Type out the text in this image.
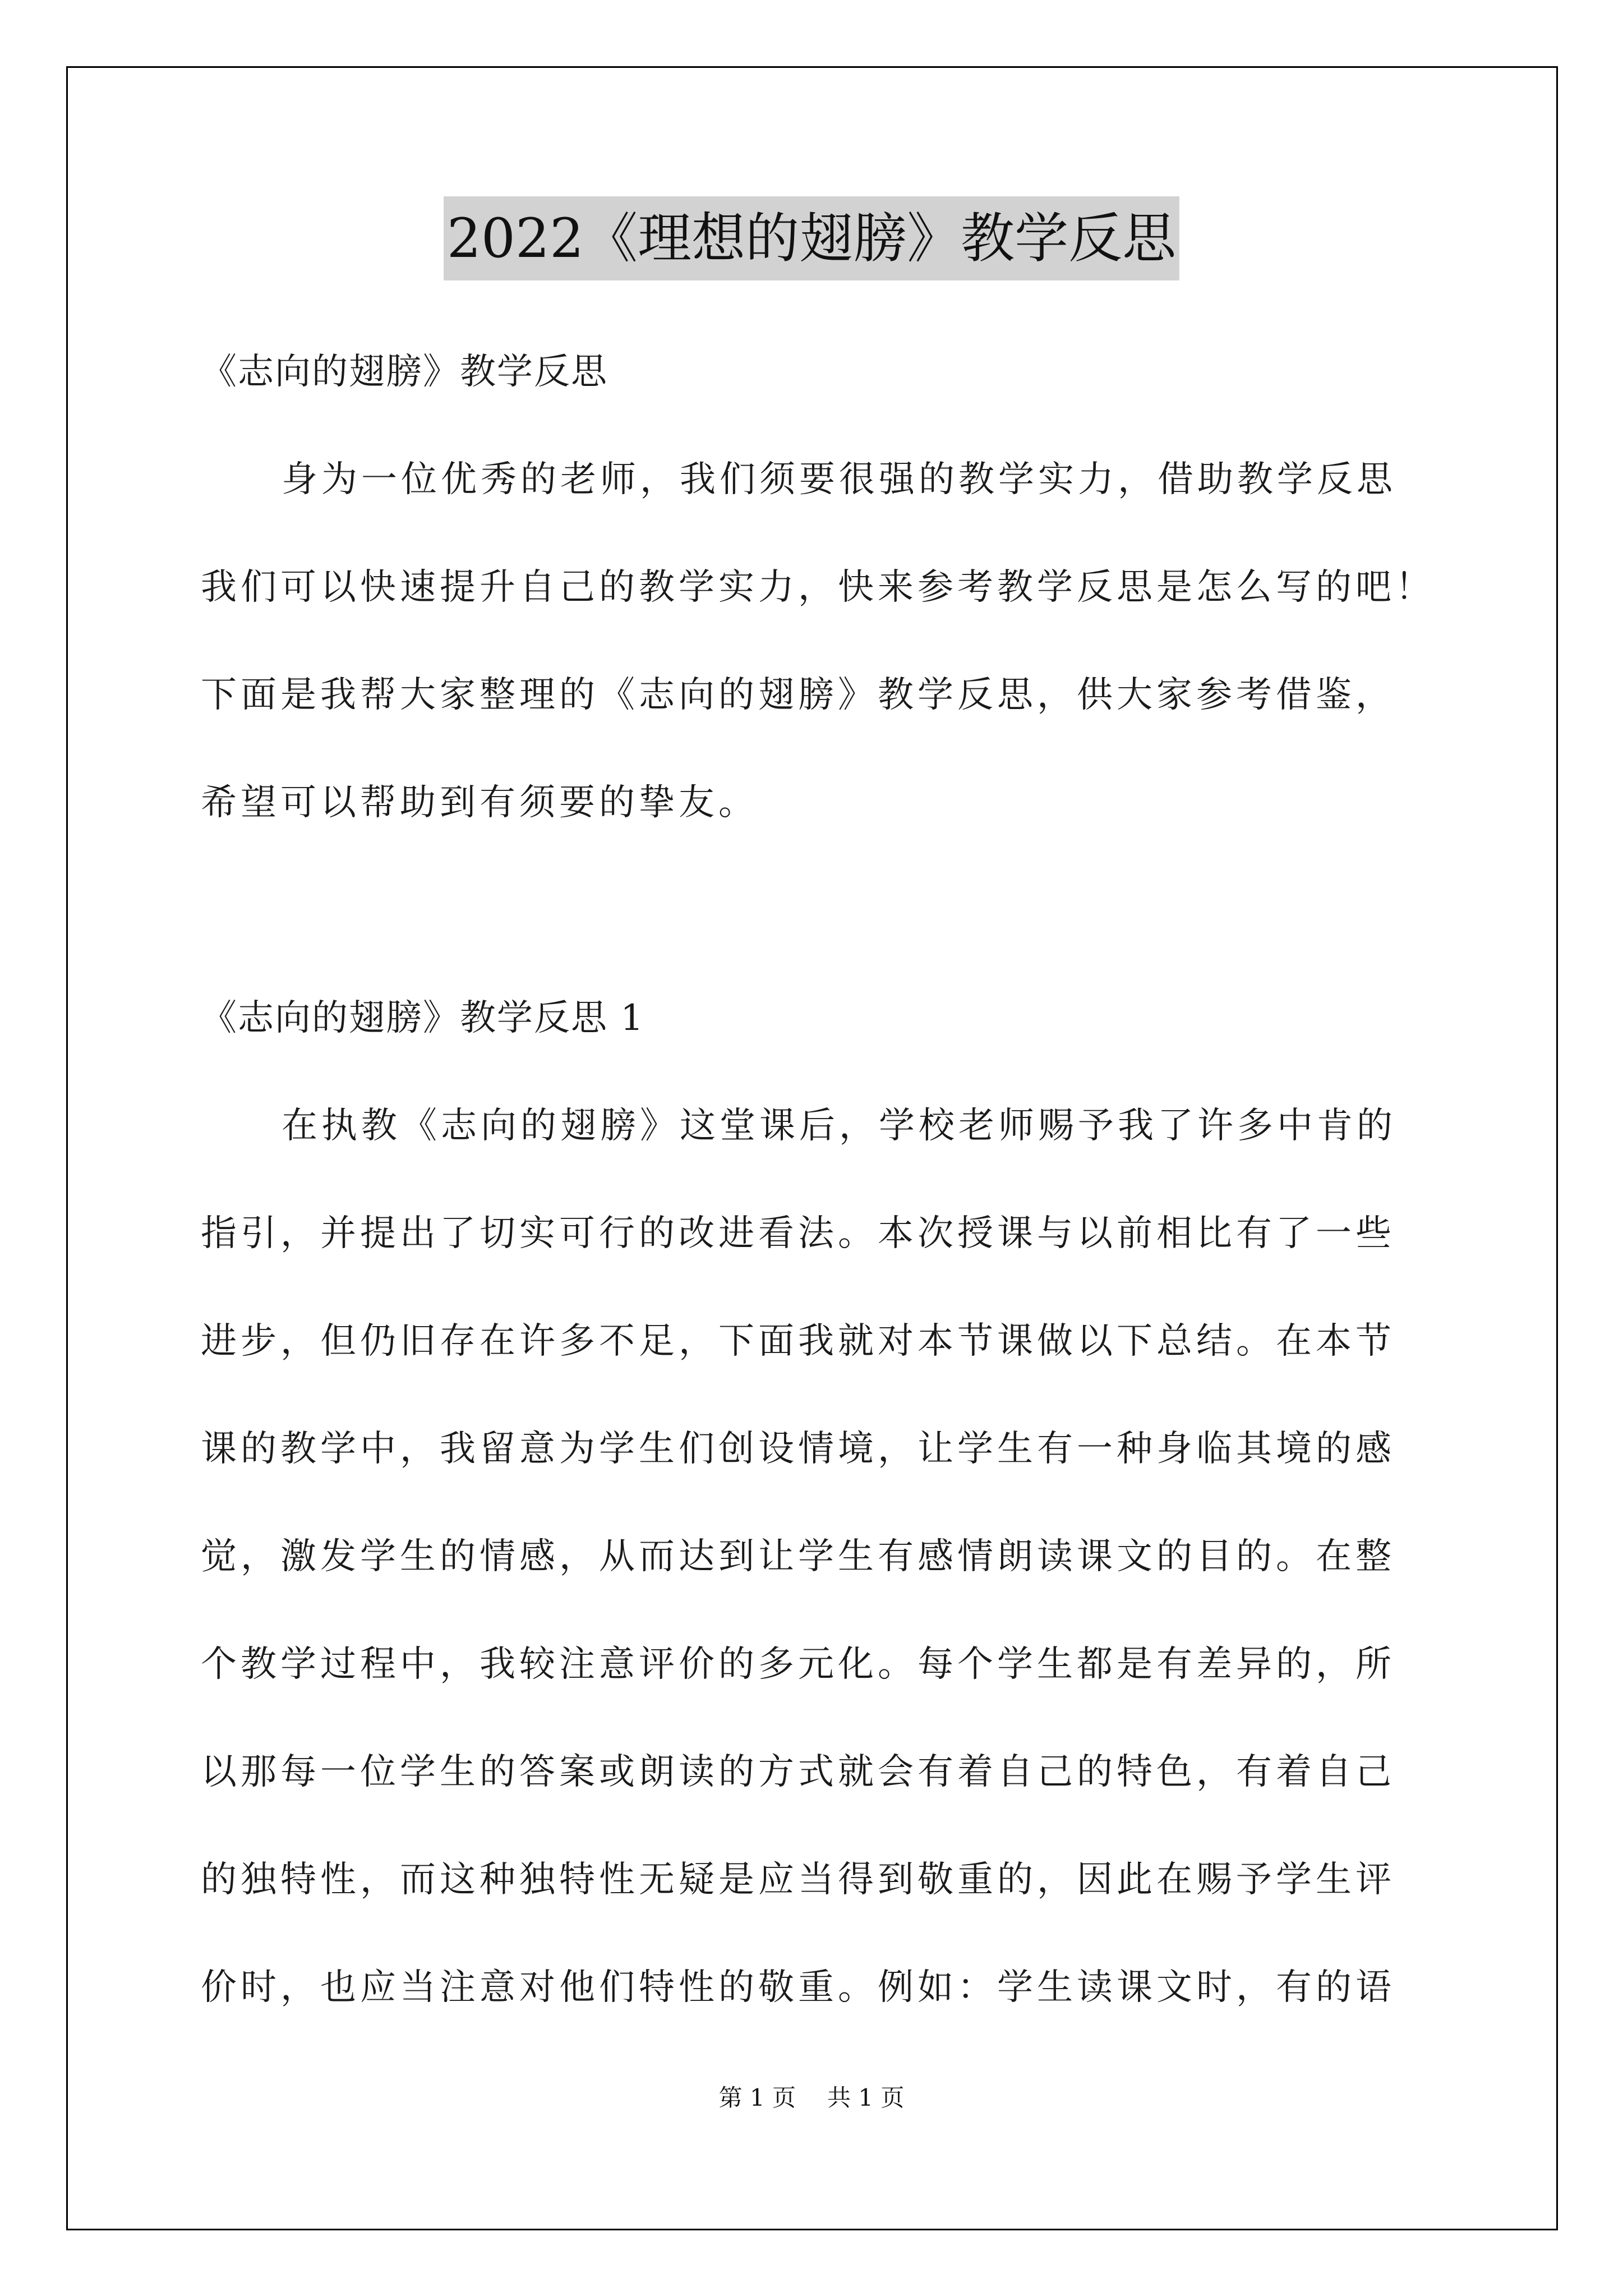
2022《理想的翅膀》教学反思
《志向的翅膀》教学反思
身为一位优秀的老师，我们须要很强的教学实力，借助教学反思
我们可以快速提升自己的教学实力，快来参考教学反思是怎么写的吧！
下面是我帮大家整理的《志向的翅膀》教学反思，供大家参考借鉴，
希望可以帮助到有须要的挚友。
《志向的翅膀》教学反思 1
在执教《志向的翅膀》这堂课后，学校老师赐予我了许多中肯的
指引，并提出了切实可行的改进看法。本次授课与以前相比有了一些
进步，但仍旧存在许多不足，下面我就对本节课做以下总结。在本节
课的教学中，我留意为学生们创设情境，让学生有一种身临其境的感
觉，激发学生的情感，从而达到让学生有感情朗读课文的目的。在整
个教学过程中，我较注意评价的多元化。每个学生都是有差异的，所
以那每一位学生的答案或朗读的方式就会有着自己的特色，有着自己
的独特性，而这种独特性无疑是应当得到敬重的，因此在赐予学生评
价时，也应当注意对他们特性的敬重。例如：学生读课文时，有的语
第 1 页 共 1 页
